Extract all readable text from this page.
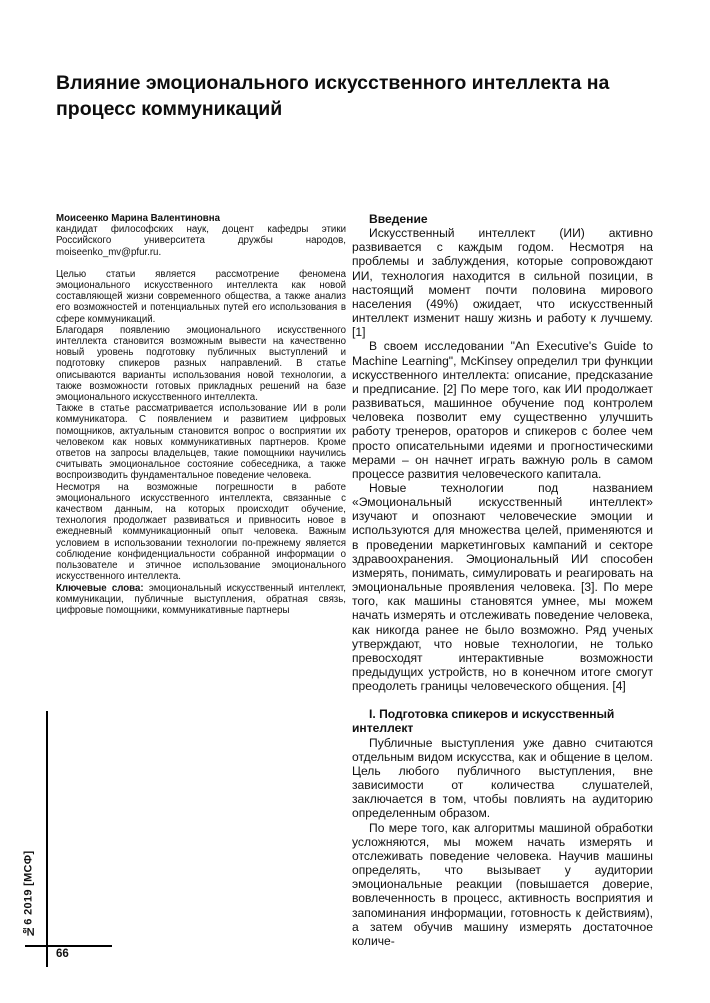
Влияние эмоционального искусственного интеллекта на процесс коммуникаций

Моисеенко Марина Валентиновна

кандидат философских наук, доцент кафедры этики Российского университета дружбы народов, moiseenko_mv@pfur.ru.

Целью статьи является рассмотрение феномена эмоционального искусственного интеллекта как новой составляющей жизни современного общества, а также анализ его возможностей и потенциальных путей его использования в сфере коммуникаций.

Благодаря появлению эмоционального искусственного интеллекта становится возможным вывести на качественно новый уровень подготовку публичных выступлений и подготовку спикеров разных направлений. В статье описываются варианты использования новой технологии, а также возможности готовых прикладных решений на базе эмоционального искусственного интеллекта.

Также в статье рассматривается использование ИИ в роли коммуникатора. С появлением и развитием цифровых помощников, актуальным становится вопрос о восприятии их человеком как новых коммуникативных партнеров. Кроме ответов на запросы владельцев, такие помощники научились считывать эмоциональное состояние собеседника, а также воспроизводить фундаментальное поведение человека.

Несмотря на возможные погрешности в работе эмоционального искусственного интеллекта, связанные с качеством данным, на которых происходит обучение, технология продолжает развиваться и привносить новое в ежедневный коммуникационный опыт человека. Важным условием в использовании технологии по-прежнему является соблюдение конфиденциальности собранной информации о пользователе и этичное использование эмоционального искусственного интеллекта.

Ключевые слова: эмоциональный искусственный интеллект, коммуникации, публичные выступления, обратная связь, цифровые помощники, коммуникативные партнеры

Введение

Искусственный интеллект (ИИ) активно развивается с каждым годом. Несмотря на проблемы и заблуждения, которые сопровождают ИИ, технология находится в сильной позиции, в настоящий момент почти половина мирового населения (49%) ожидает, что искусственный интеллект изменит нашу жизнь и работу к лучшему. [1]

В своем исследовании "An Executive's Guide to Machine Learning", McKinsey определил три функции искусственного интеллекта: описание, предсказание и предписание. [2] По мере того, как ИИ продолжает развиваться, машинное обучение под контролем человека позволит ему существенно улучшить работу тренеров, ораторов и спикеров с более чем просто описательными идеями и прогностическими мерами – он начнет играть важную роль в самом процессе развития человеческого капитала.

Новые технологии под названием «Эмоциональный искусственный интеллект» изучают и опознают человеческие эмоции и используются для множества целей, применяются и в проведении маркетинговых кампаний и секторе здравоохранения. Эмоциональный ИИ способен измерять, понимать, симулировать и реагировать на эмоциональные проявления человека. [3]. По мере того, как машины становятся умнее, мы можем начать измерять и отслеживать поведение человека, как никогда ранее не было возможно. Ряд ученых утверждают, что новые технологии, не только превосходят интерактивные возможности предыдущих устройств, но в конечном итоге смогут преодолеть границы человеческого общения. [4]

I. Подготовка спикеров и искусственный интеллект

Публичные выступления уже давно считаются отдельным видом искусства, как и общение в целом. Цель любого публичного выступления, вне зависимости от количества слушателей, заключается в том, чтобы повлиять на аудиторию определенным образом.

По мере того, как алгоритмы машиной обработки усложняются, мы можем начать измерять и отслеживать поведение человека. Научив машины определять, что вызывает у аудитории эмоциональные реакции (повышается доверие, вовлеченность в процесс, активность восприятия и запоминания информации, готовность к действиям), а затем обучив машину измерять достаточное количе-

№6 2019 [МСФ]
66
